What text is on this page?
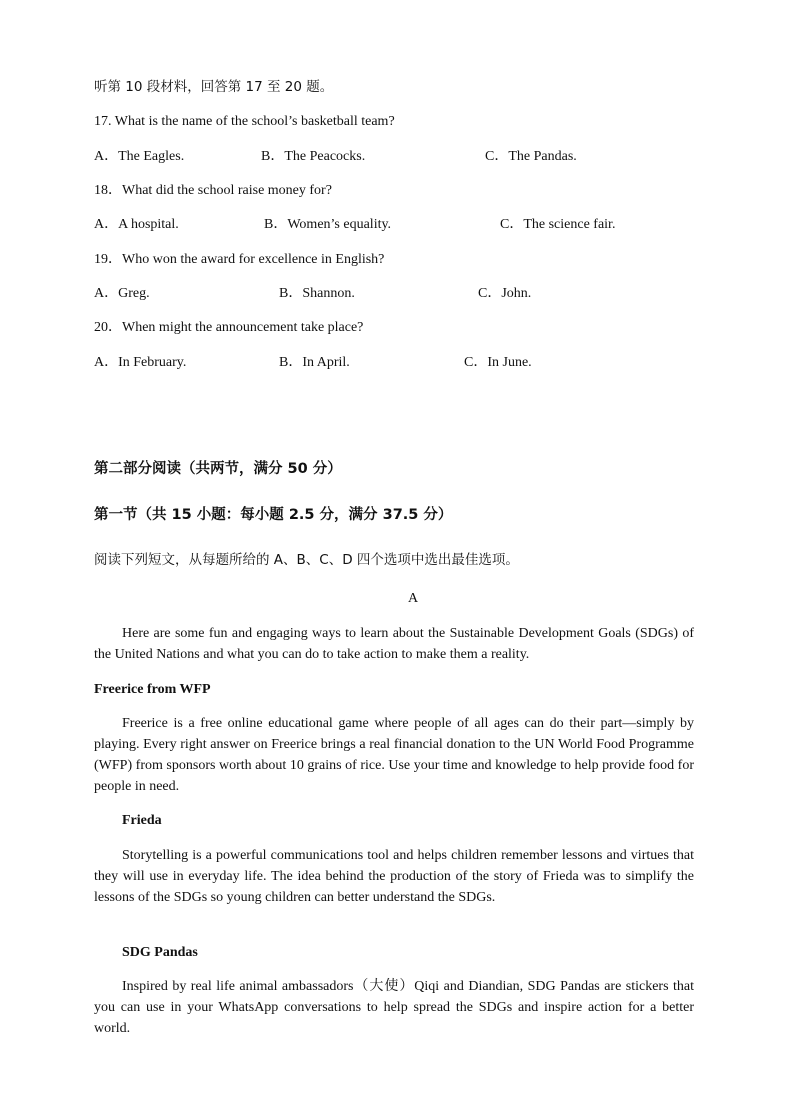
听第 10 段材料，回答第 17 至 20 题。
17. What is the name of the school’s basketball team?
A．The Eagles.	B．The Peacocks.	C．The Pandas.
18．What did the school raise money for?
A．A hospital.	B．Women’s equality.	C．The science fair.
19．Who won the award for excellence in English?
A．Greg.	B．Shannon.	C．John.
20．When might the announcement take place?
A．In February.	B．In April.	C．In June.
第二部分阅读（共两节，满分 50 分）
第一节（共 15 小题：每小题 2.5 分，满分 37.5 分）
阅读下列短文，从每题所给的 A、B、C、D 四个选项中选出最佳选项。
A

Here are some fun and engaging ways to learn about the Sustainable Development Goals (SDGs) of the United Nations and what you can do to take action to make them a reality.

Freerice from WFP

Freerice is a free online educational game where people of all ages can do their part—simply by playing. Every right answer on Freerice brings a real financial donation to the UN World Food Programme (WFP) from sponsors worth about 10 grains of rice. Use your time and knowledge to help provide food for people in need.

Frieda

Storytelling is a powerful communications tool and helps children remember lessons and virtues that they will use in everyday life. The idea behind the production of the story of Frieda was to simplify the lessons of the SDGs so young children can better understand the SDGs.

SDG Pandas

Inspired by real life animal ambassadors（大使）Qiqi and Diandian, SDG Pandas are stickers that you can use in your WhatsApp conversations to help spread the SDGs and inspire action for a better world.
